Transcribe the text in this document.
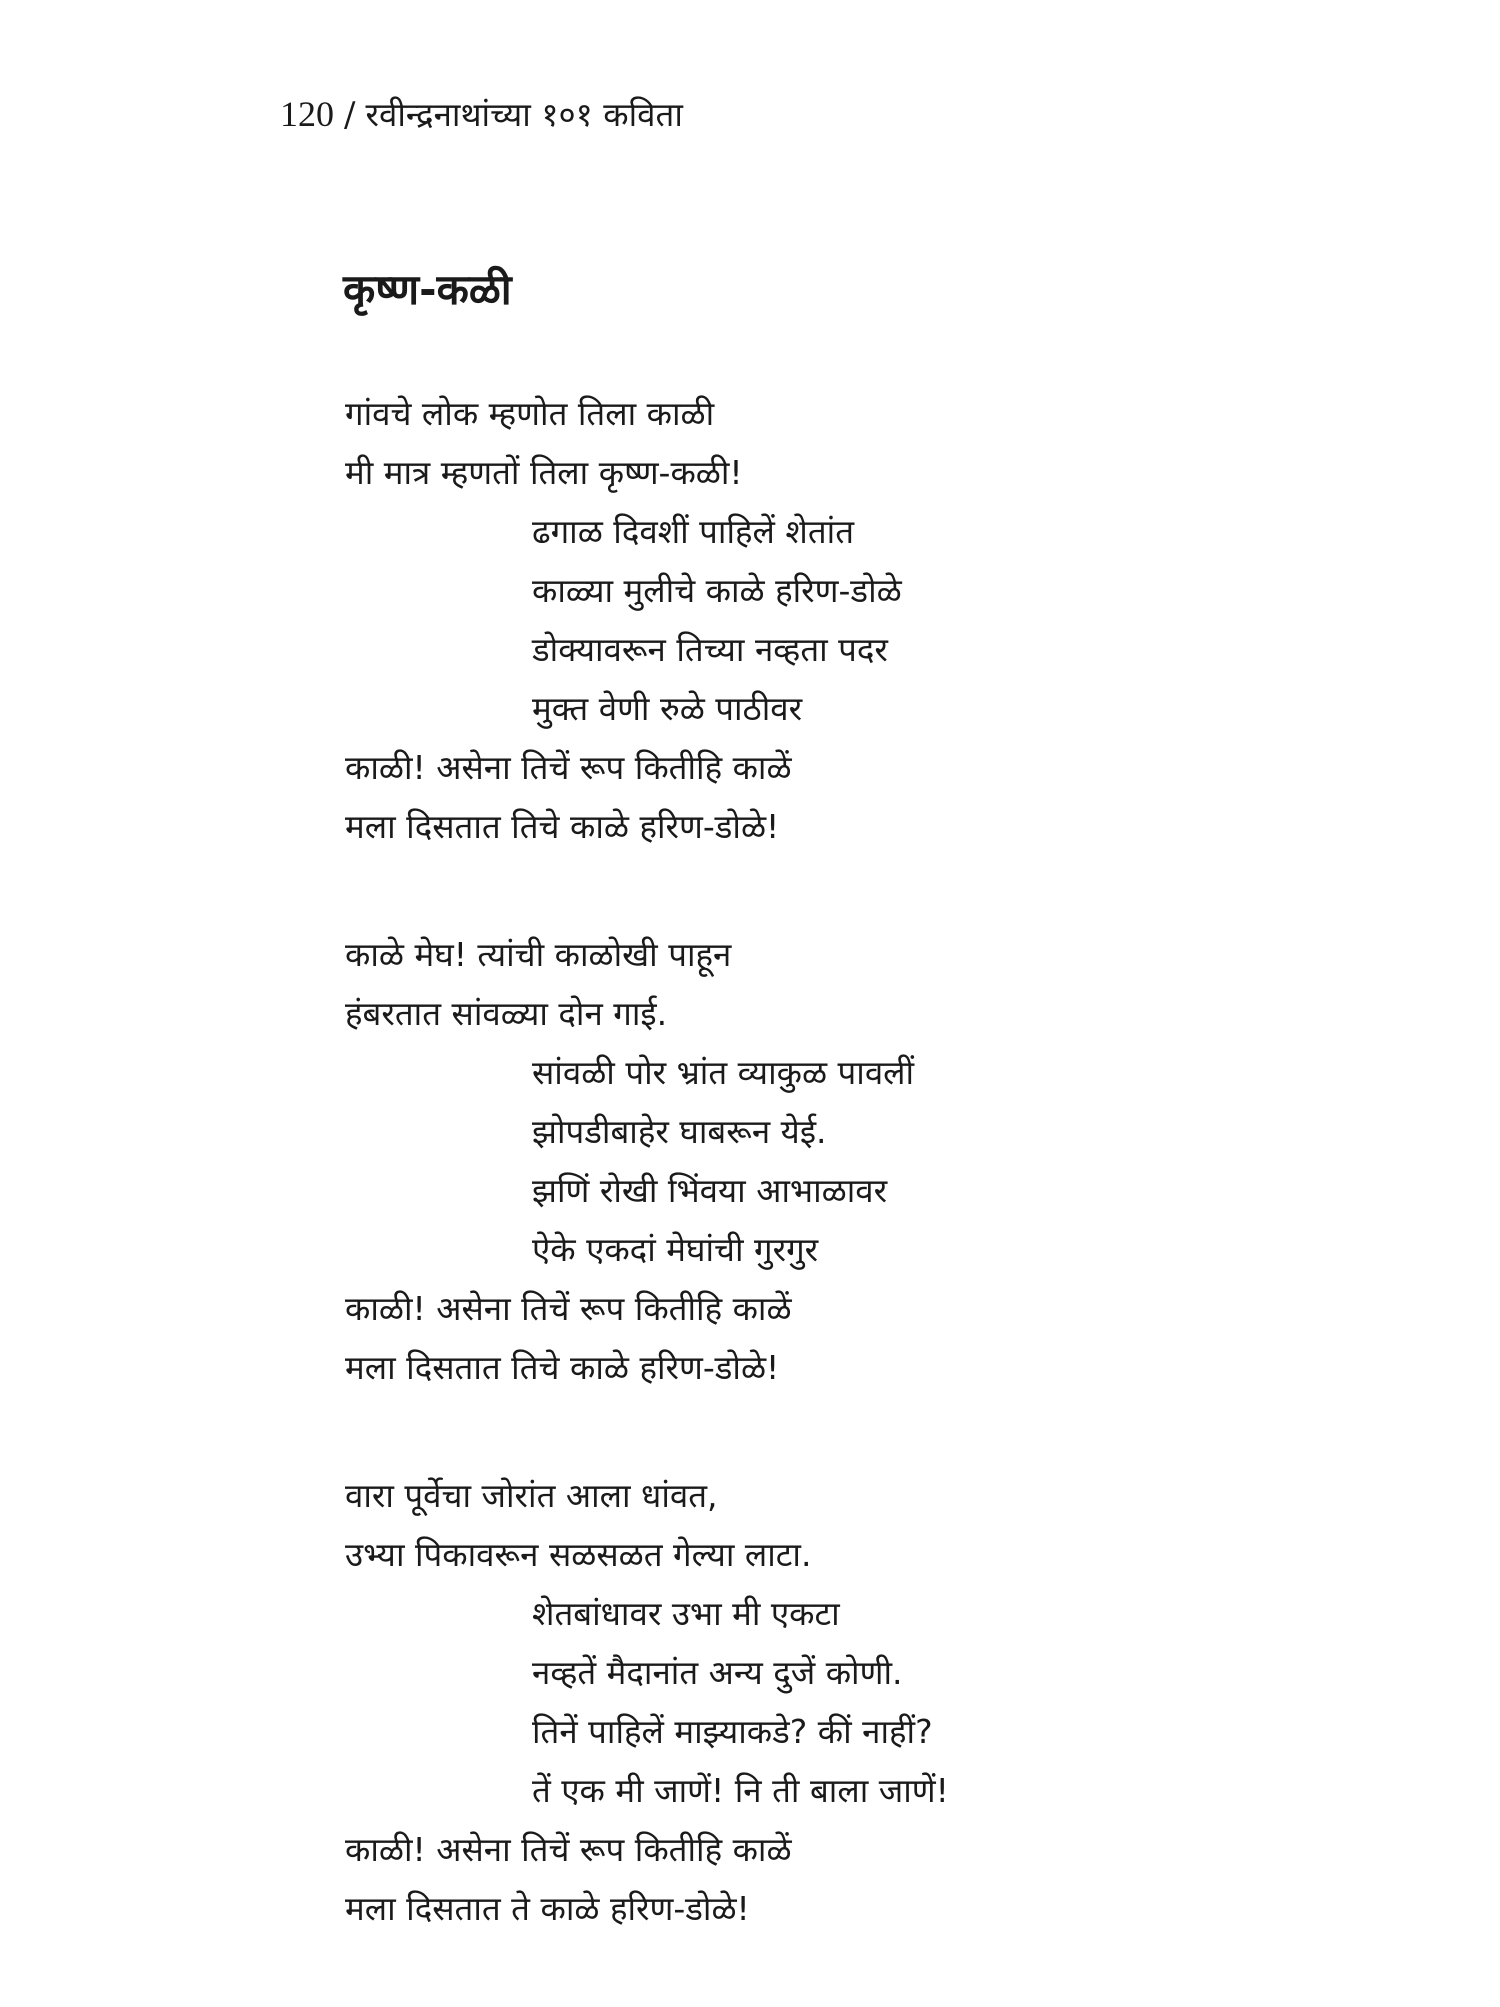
120 / रवीन्द्रनाथांच्या १०१ कविता
कृष्ण-कळी
गांवचे लोक म्हणोत तिला काळी
मी मात्र म्हणतों तिला कृष्ण-कळी!
ढगाळ दिवशीं पाहिलें शेतांत
काळ्या मुलीचे काळे हरिण-डोळे
डोक्यावरून तिच्या नव्हता पदर
मुक्त वेणी रुळे पाठीवर
काळी! असेना तिचें रूप कितीहि काळें
मला दिसतात तिचे काळे हरिण-डोळे!
काळे मेघ! त्यांची काळोखी पाहून
हंबरतात सांवळ्या दोन गाई.
सांवळी पोर भ्रांत व्याकुळ पावलीं
झोपडीबाहेर घाबरून येई.
झणिं रोखी भिंवया आभाळावर
ऐके एकदां मेघांची गुरगुर
काळी! असेना तिचें रूप कितीहि काळें
मला दिसतात तिचे काळे हरिण-डोळे!
वारा पूर्वेचा जोरांत आला धांवत,
उभ्या पिकावरून सळसळत गेल्या लाटा.
शेतबांधावर उभा मी एकटा
नव्हतें मैदानांत अन्य दुजें कोणी.
तिनें पाहिलें माझ्याकडे? कीं नाहीं?
तें एक मी जाणें! नि ती बाला जाणें!
काळी! असेना तिचें रूप कितीहि काळें
मला दिसतात ते काळे हरिण-डोळे!
